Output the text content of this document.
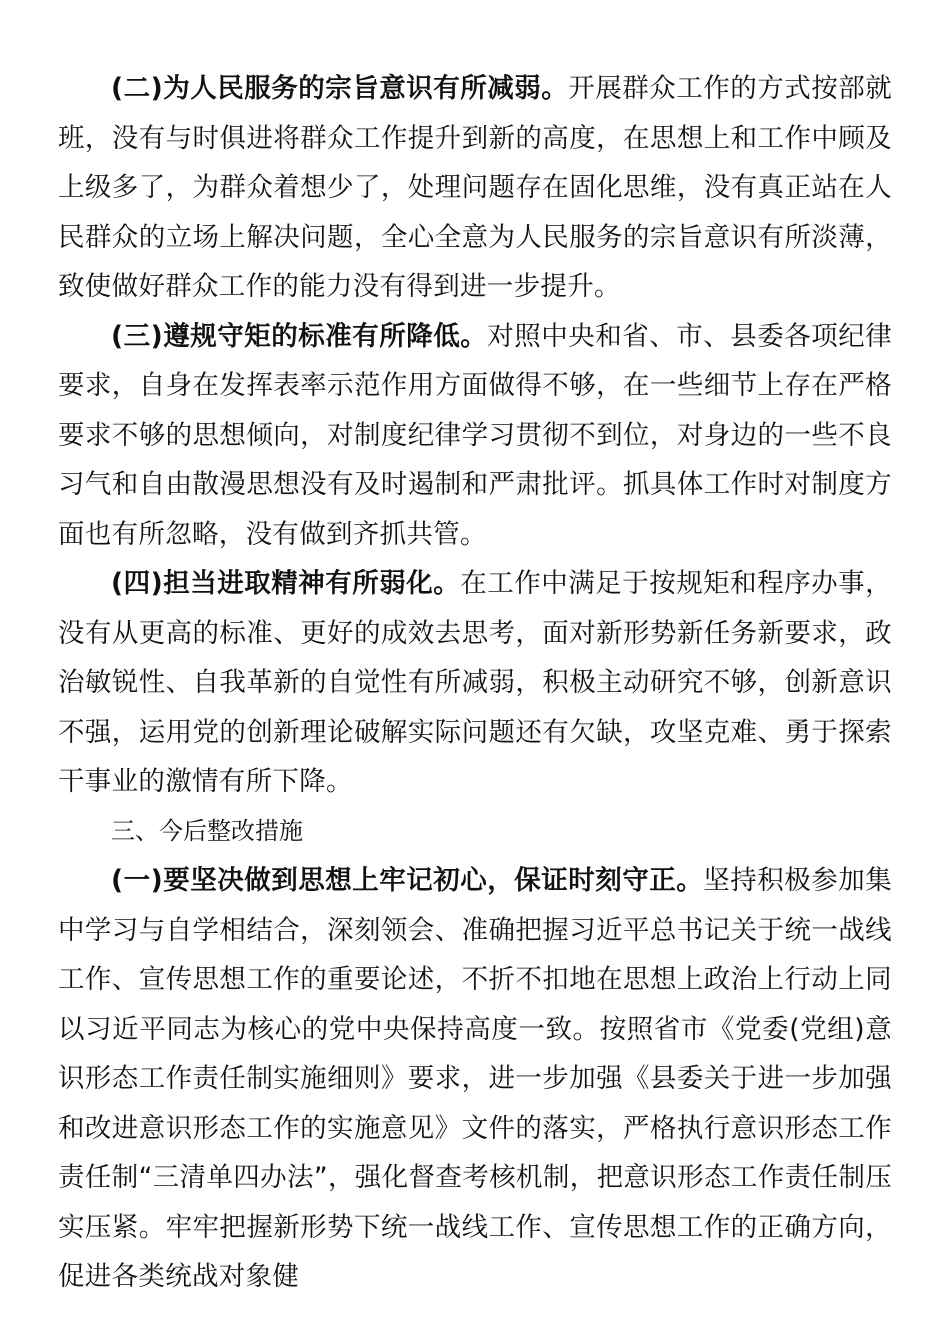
(二)为人民服务的宗旨意识有所减弱。开展群众工作的方式按部就班，没有与时俱进将群众工作提升到新的高度，在思想上和工作中顾及上级多了，为群众着想少了，处理问题存在固化思维，没有真正站在人民群众的立场上解决问题，全心全意为人民服务的宗旨意识有所淡薄，致使做好群众工作的能力没有得到进一步提升。

(三)遵规守矩的标准有所降低。对照中央和省、市、县委各项纪律要求，自身在发挥表率示范作用方面做得不够，在一些细节上存在严格要求不够的思想倾向，对制度纪律学习贯彻不到位，对身边的一些不良习气和自由散漫思想没有及时遏制和严肃批评。抓具体工作时对制度方面也有所忽略，没有做到齐抓共管。

(四)担当进取精神有所弱化。在工作中满足于按规矩和程序办事，没有从更高的标准、更好的成效去思考，面对新形势新任务新要求，政治敏锐性、自我革新的自觉性有所减弱，积极主动研究不够，创新意识不强，运用党的创新理论破解实际问题还有欠缺，攻坚克难、勇于探索干事业的激情有所下降。

三、今后整改措施

(一)要坚决做到思想上牢记初心，保证时刻守正。坚持积极参加集中学习与自学相结合，深刻领会、准确把握习近平总书记关于统一战线工作、宣传思想工作的重要论述，不折不扣地在思想上政治上行动上同以习近平同志为核心的党中央保持高度一致。按照省市《党委(党组)意识形态工作责任制实施细则》要求，进一步加强《县委关于进一步加强和改进意识形态工作的实施意见》文件的落实，严格执行意识形态工作责任制“三清单四办法”，强化督查考核机制，把意识形态工作责任制压实压紧。牢牢把握新形势下统一战线工作、宣传思想工作的正确方向，促进各类统战对象健
